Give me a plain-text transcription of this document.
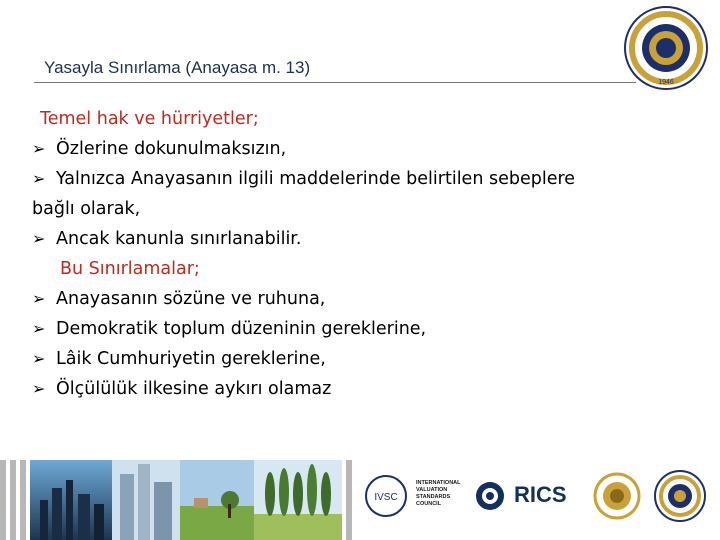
Yasayla Sınırlama (Anayasa m. 13)
1946
Temel hak ve hürriyetler;
➢ Özlerine dokunulmaksızın,
➢ Yalnızca Anayasanın ilgili maddelerinde belirtilen sebeplere
bağlı olarak,
➢ Ancak kanunla sınırlanabilir.
Bu Sınırlamalar;
➢ Anayasanın sözüne ve ruhuna,
➢ Demokratik toplum düzeninin gereklerine,
➢ Lâik Cumhuriyetin gereklerine,
➢ Ölçülülük ilkesine aykırı olamaz
IVSC
INTERNATIONAL
VALUATION
STANDARDS
COUNCIL	RICS
